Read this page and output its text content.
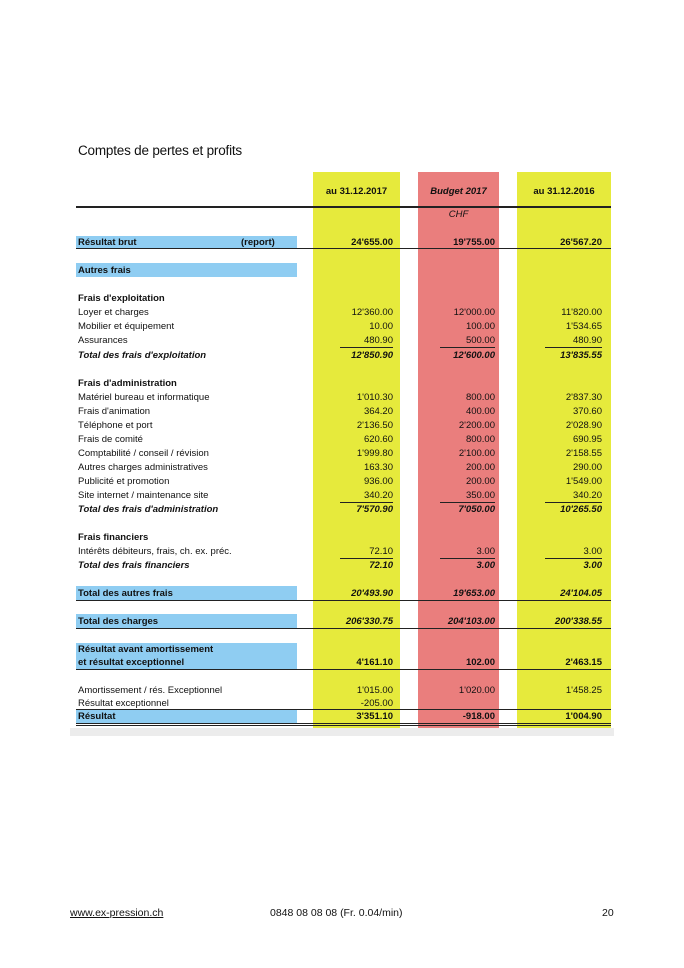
Comptes de pertes et profits
au 31.12.2017	Budget 2017	au 31.12.2016
CHF
Résultat brut	(report)	24'655.00	19'755.00	26'567.20
Autres frais
Frais d'exploitation
Loyer et charges	12'360.00	12'000.00	11'820.00
Mobilier et équipement	10.00	100.00	1'534.65
Assurances	480.90	500.00	480.90
Total des frais d'exploitation	12'850.90	12'600.00	13'835.55
Frais d'administration
Matériel bureau et informatique	1'010.30	800.00	2'837.30
Frais d'animation	364.20	400.00	370.60
Téléphone et port	2'136.50	2'200.00	2'028.90
Frais de comité	620.60	800.00	690.95
Comptabilité / conseil / révision	1'999.80	2'100.00	2'158.55
Autres charges administratives	163.30	200.00	290.00
Publicité et promotion	936.00	200.00	1'549.00
Site internet / maintenance site	340.20	350.00	340.20
Total des frais d'administration	7'570.90	7'050.00	10'265.50
Frais financiers
Intérêts débiteurs, frais, ch. ex. préc.	72.10	3.00	3.00
Total des frais financiers	72.10	3.00	3.00
Total des autres frais	20'493.90	19'653.00	24'104.05
Total des charges	206'330.75	204'103.00	200'338.55
Résultat avant amortissement
et résultat exceptionnel	4'161.10	102.00	2'463.15
Amortissement / rés. Exceptionnel	1'015.00	1'020.00	1'458.25
Résultat exceptionnel	-205.00
Résultat	3'351.10	-918.00	1'004.90
www.ex-pression.ch	0848 08 08 08 (Fr. 0.04/min)	20
